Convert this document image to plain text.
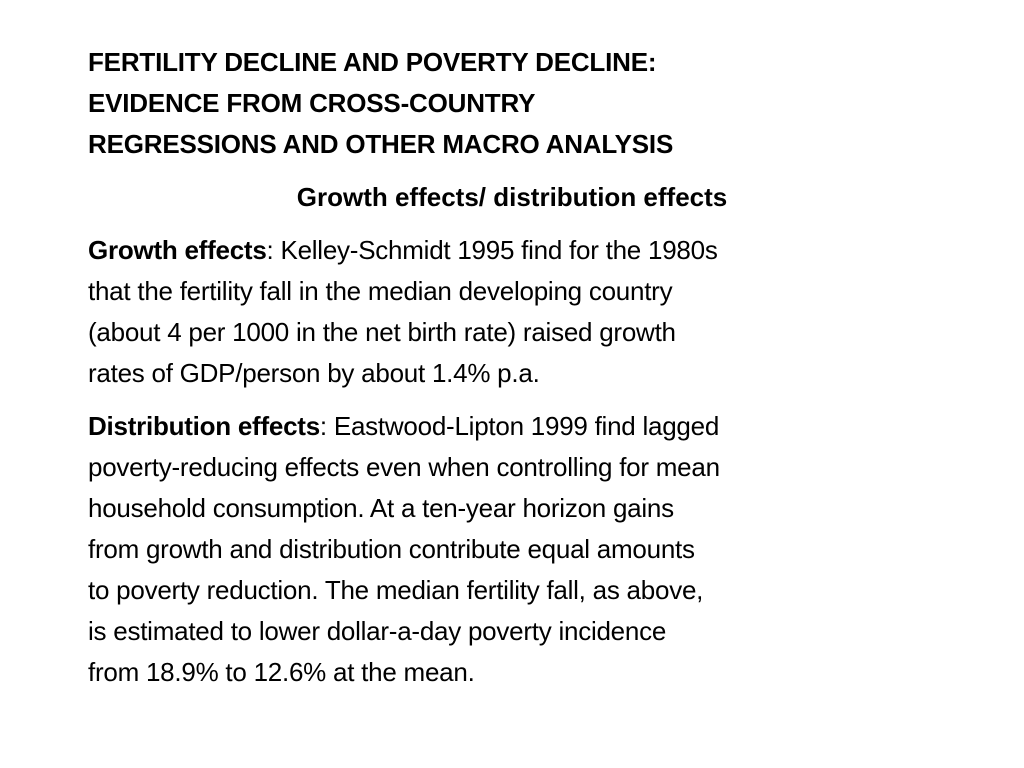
FERTILITY DECLINE AND POVERTY DECLINE:
EVIDENCE FROM CROSS-COUNTRY
REGRESSIONS AND OTHER MACRO ANALYSIS
Growth effects/ distribution effects

Growth effects: Kelley-Schmidt 1995 find for the 1980s
that the fertility fall in the median developing country
(about 4 per 1000 in the net birth rate) raised growth
rates of GDP/person by about 1.4% p.a.

Distribution effects: Eastwood-Lipton 1999 find lagged
poverty-reducing effects even when controlling for mean
household consumption. At a ten-year horizon gains
from growth and distribution contribute equal amounts
to poverty reduction. The median fertility fall, as above,
is estimated to lower dollar-a-day poverty incidence
from 18.9% to 12.6% at the mean.
